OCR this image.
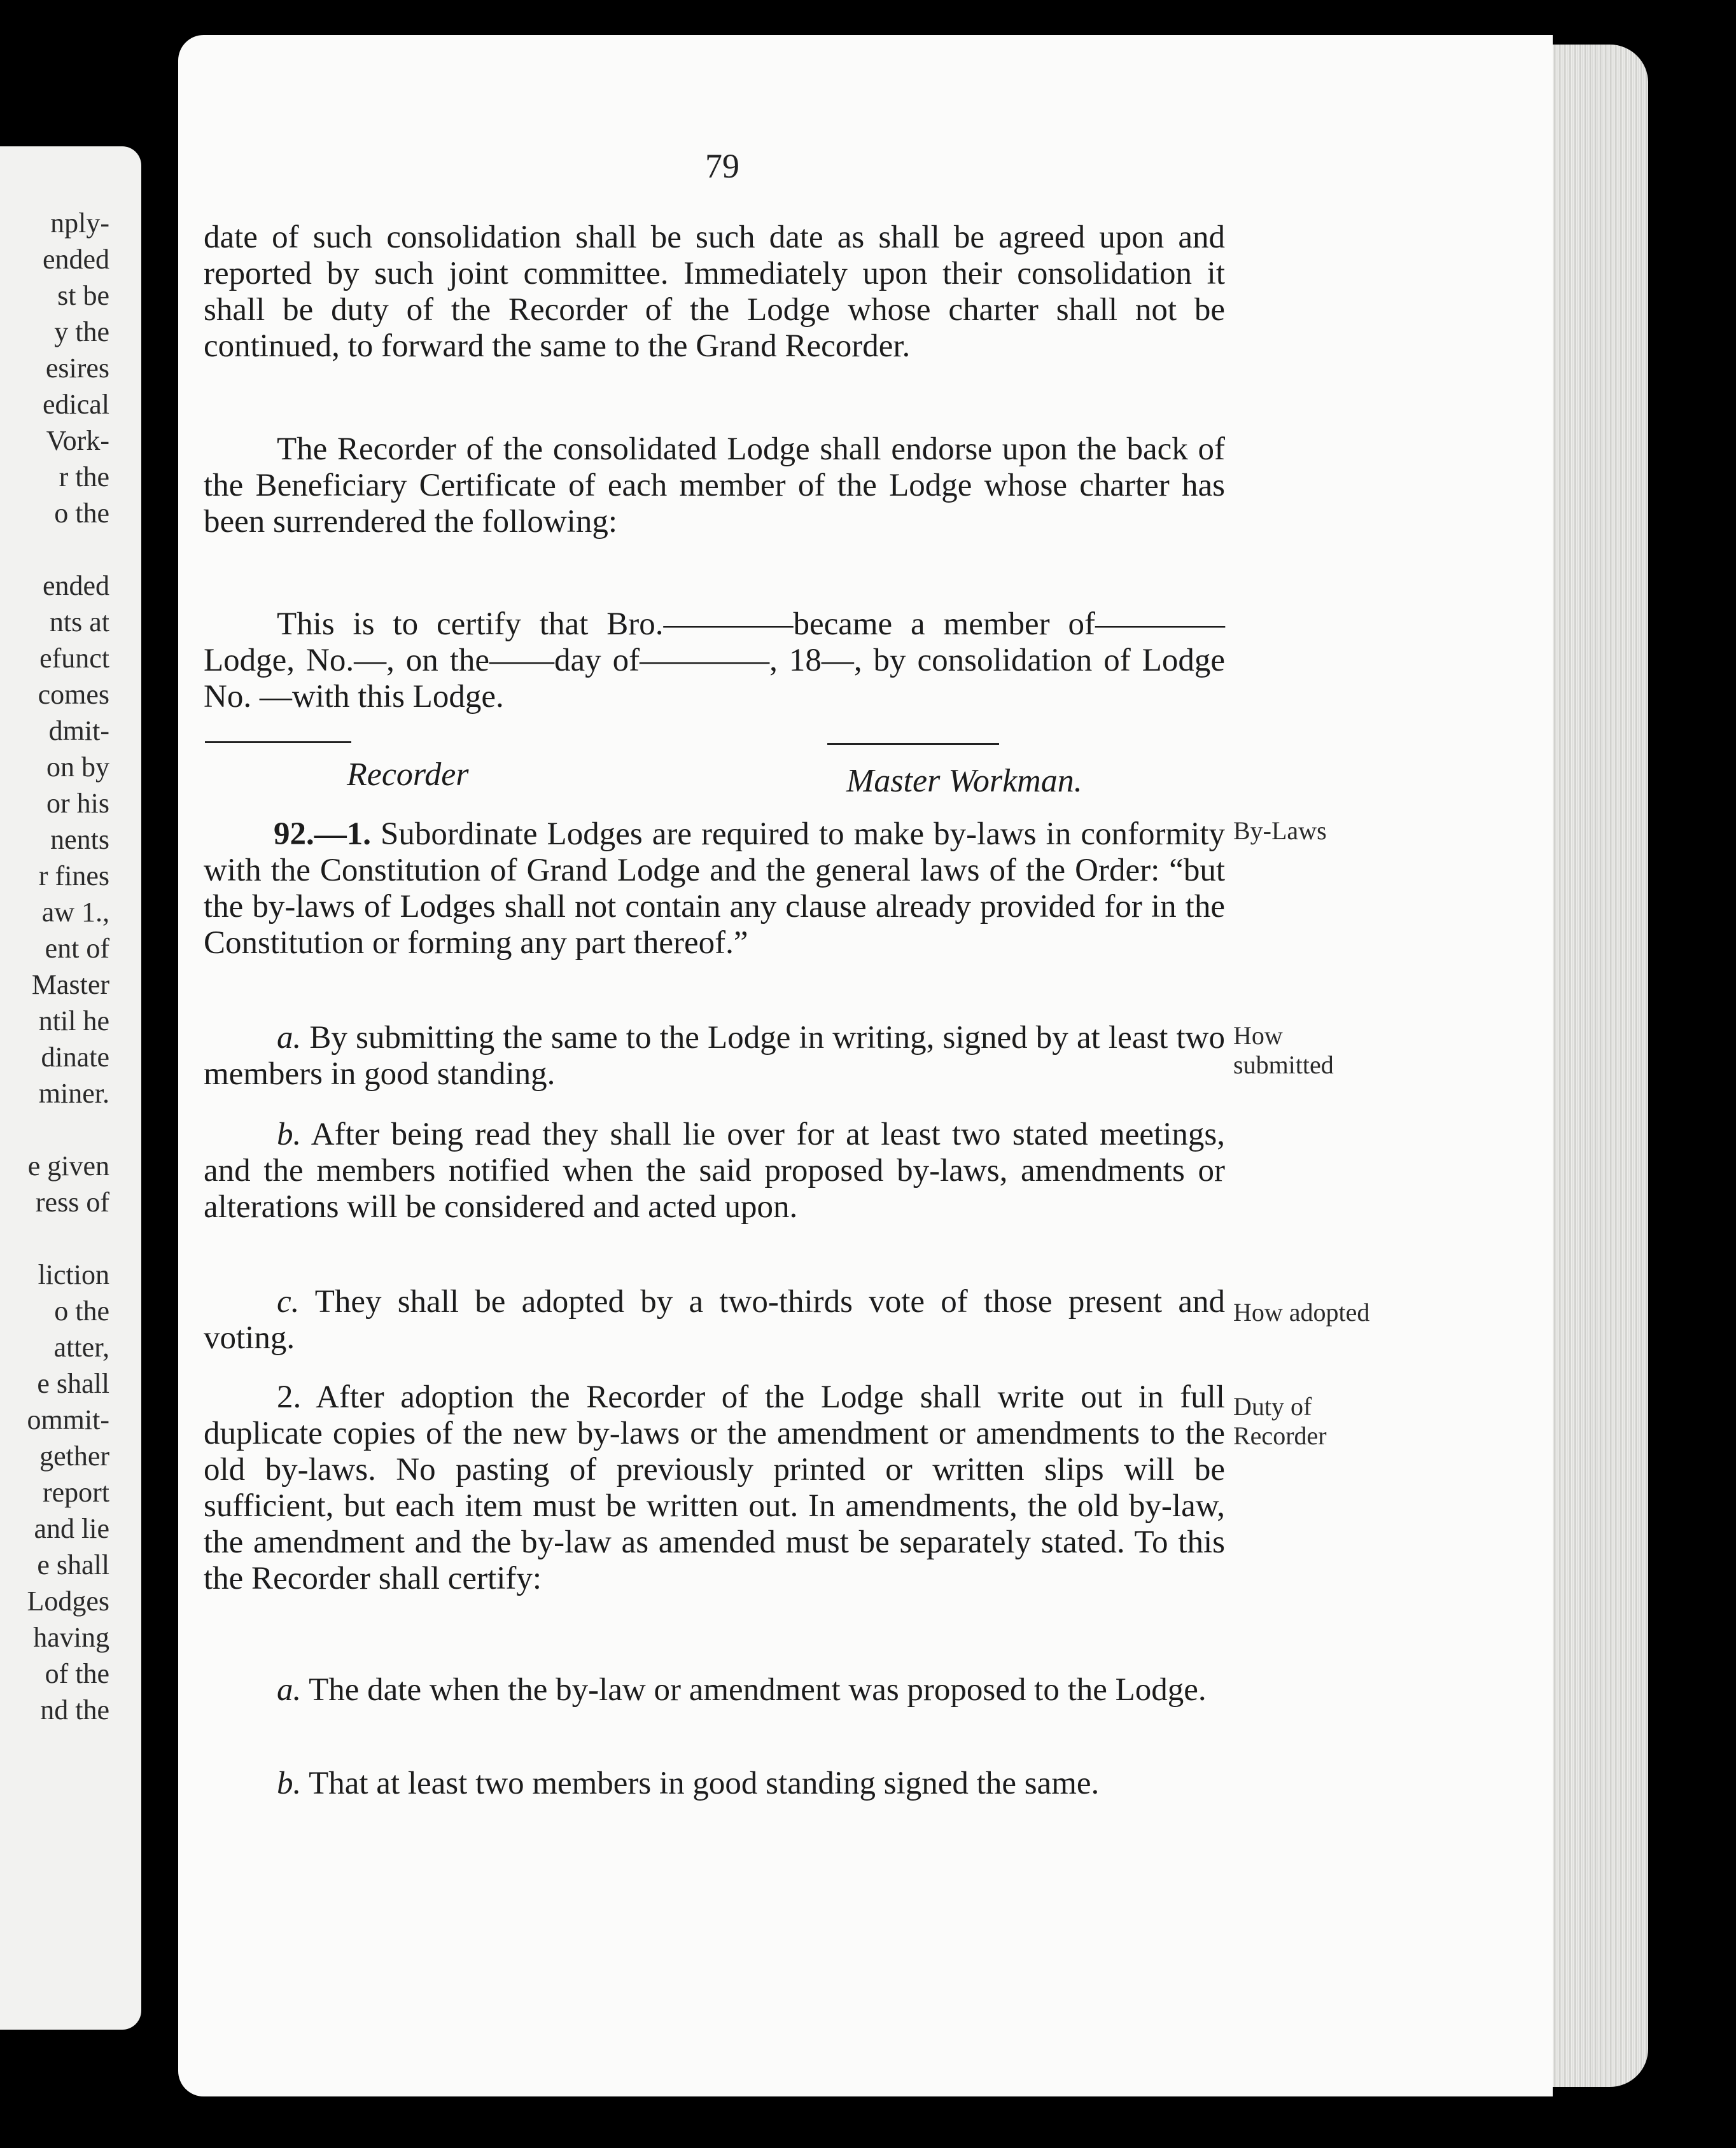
nply-
ended
st be
y the
esires
edical
Vork-
r the
o the
ended
nts at
efunct
comes
dmit-
on by
or his
nents
r fines
aw 1.,
ent of
Master
ntil he
dinate
miner.
e given
ress of
liction
o the
atter,
e shall
ommit-
gether
report
and lie
e shall
Lodges
having
of the
nd the
79
date of such consolidation shall be such date as shall be agreed upon and reported by such joint committee. Immediately upon their consolidation it shall be duty of the Recorder of the Lodge whose charter shall not be continued, to forward the same to the Grand Recorder.
The Recorder of the consolidated Lodge shall endorse upon the back of the Beneficiary Certificate of each member of the Lodge whose charter has been surrendered the following:
This is to certify that Bro.————became a member of————Lodge, No.—, on the——day of————, 18—, by consolidation of Lodge No. —with this Lodge.
Recorder	Master Workman.
92.—1. Subordinate Lodges are required to make by-laws in conformity with the Constitution of Grand Lodge and the general laws of the Order: “but the by-laws of Lodges shall not contain any clause already provided for in the Constitution or forming any part thereof.”
a. By submitting the same to the Lodge in writing, signed by at least two members in good standing.
b. After being read they shall lie over for at least two stated meetings, and the members notified when the said proposed by-laws, amendments or alterations will be considered and acted upon.
c. They shall be adopted by a two-thirds vote of those present and voting.
2. After adoption the Recorder of the Lodge shall write out in full duplicate copies of the new by-laws or the amendment or amendments to the old by-laws. No pasting of previously printed or written slips will be sufficient, but each item must be written out. In amendments, the old by-law, the amendment and the by-law as amended must be separately stated. To this the Recorder shall certify:
a. The date when the by-law or amendment was proposed to the Lodge.
b. That at least two members in good standing signed the same.
By-Laws
How submitted
How adopted
Duty of Recorder
